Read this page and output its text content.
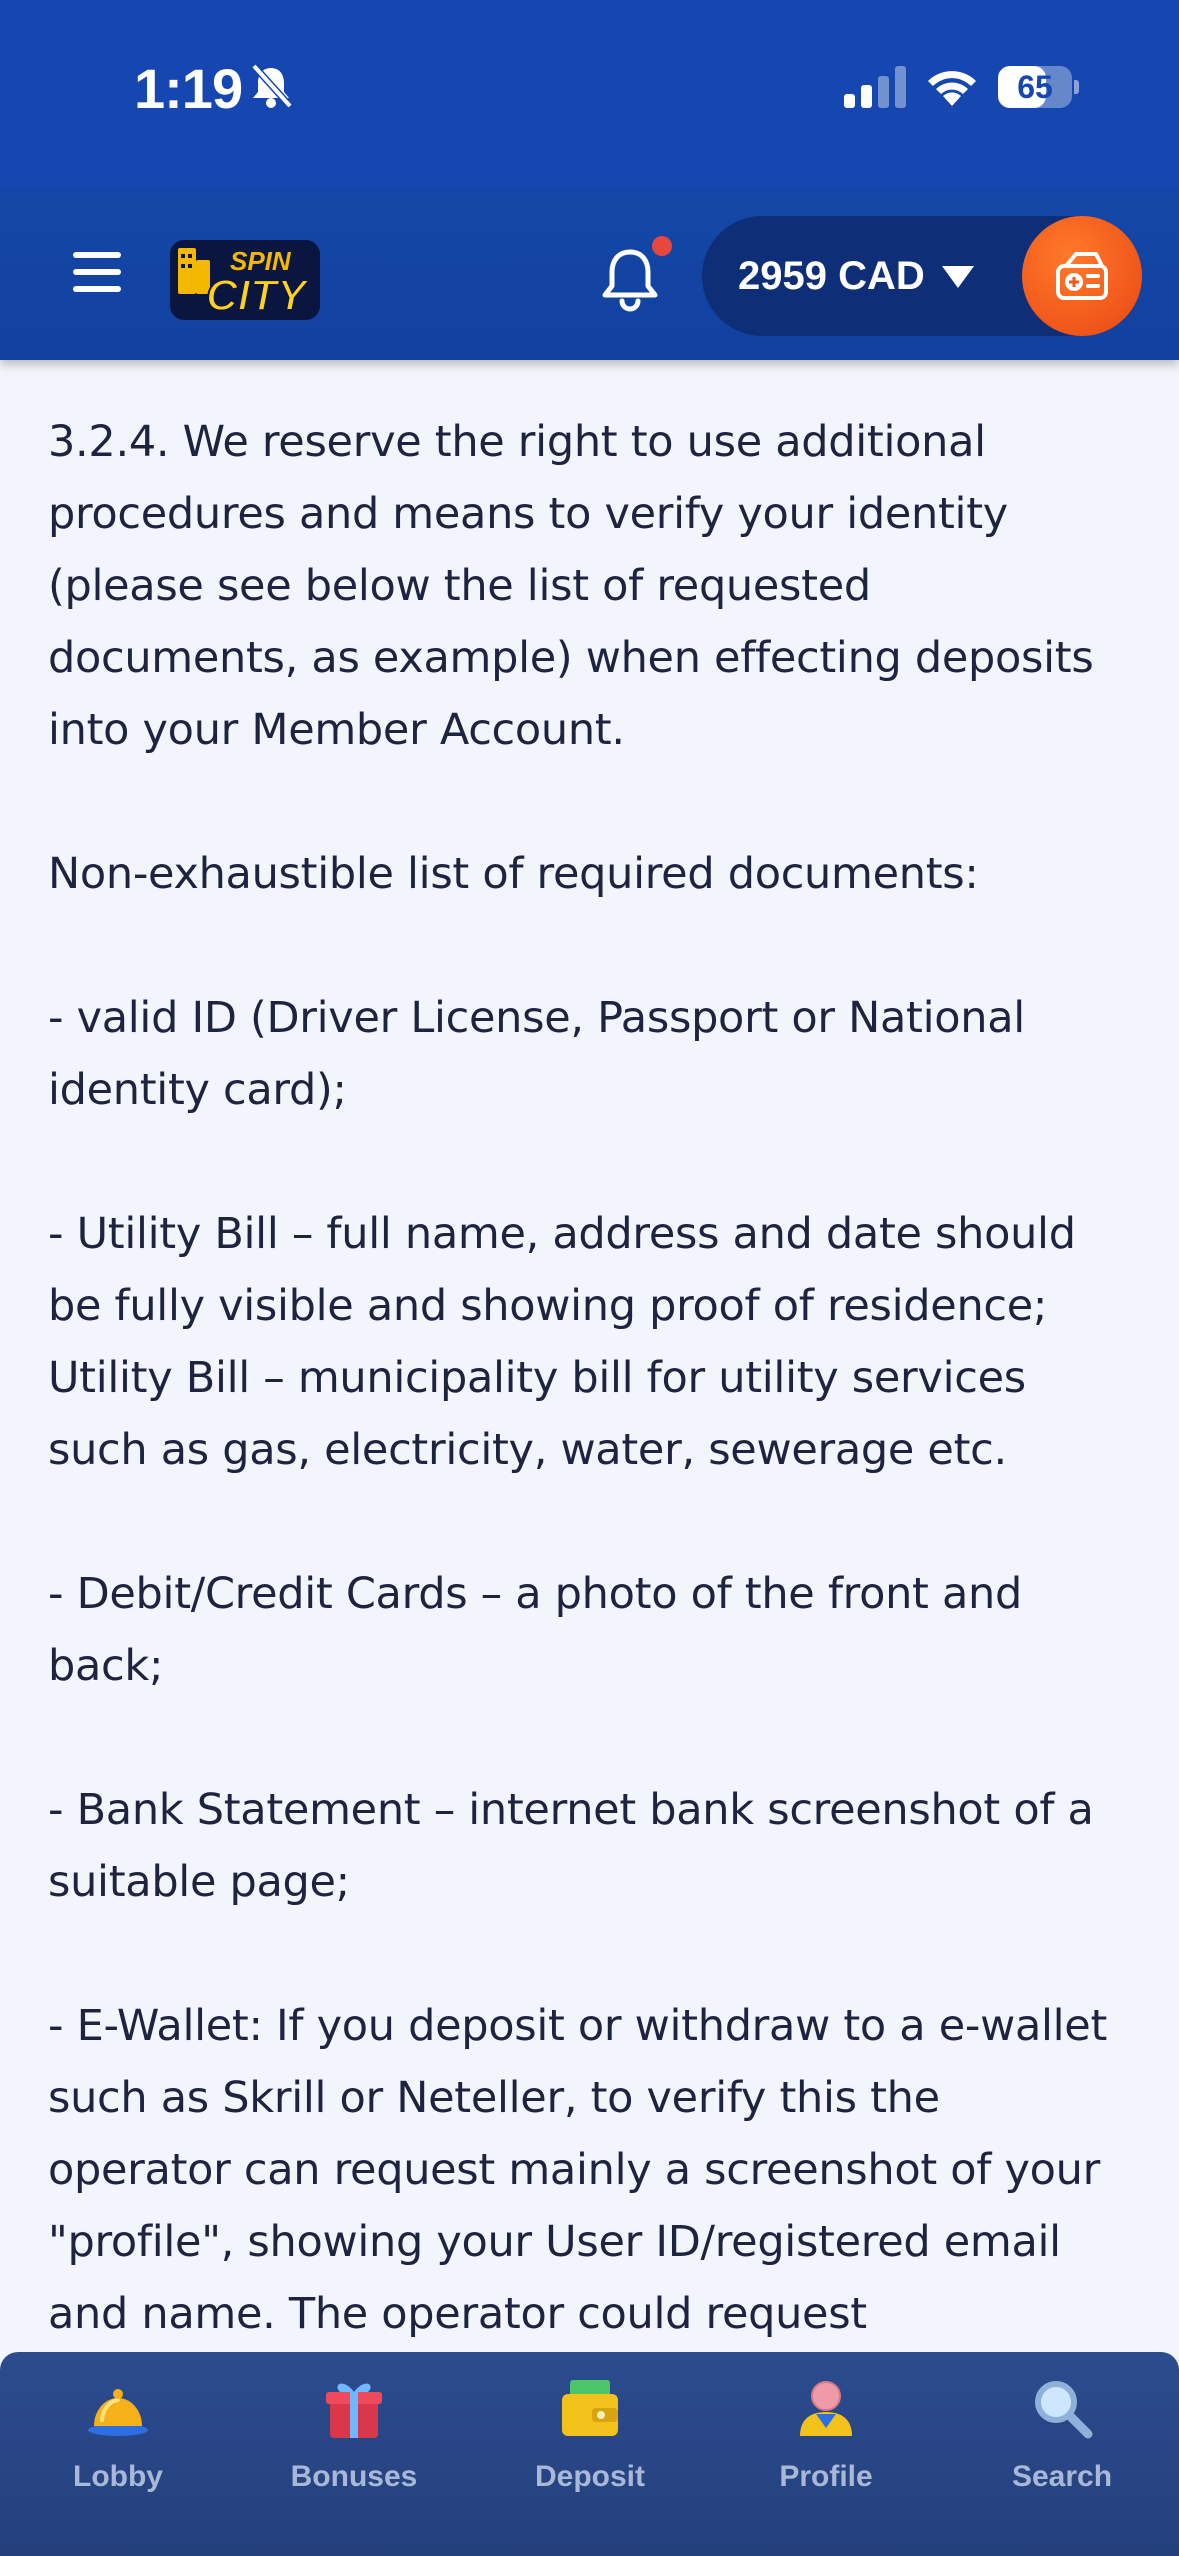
1:19	65
SPIN
CITY	2959 CAD

3.2.4. We reserve the right to use additional procedures and means to verify your identity (please see below the list of requested documents, as example) when effecting deposits into your Member Account.

Non-exhaustible list of required documents:

- valid ID (Driver License, Passport or National identity card);

- Utility Bill – full name, address and date should be fully visible and showing proof of residence; Utility Bill – municipality bill for utility services such as gas, electricity, water, sewerage etc.

- Debit/Credit Cards – a photo of the front and back;

- Bank Statement – internet bank screenshot of a suitable page;

- E-Wallet: If you deposit or withdraw to a e-wallet such as Skrill or Neteller, to verify this the operator can request mainly a screenshot of your "profile", showing your User ID/registered email and name. The operator could request

Lobby	Bonuses	Deposit	Profile	Search
